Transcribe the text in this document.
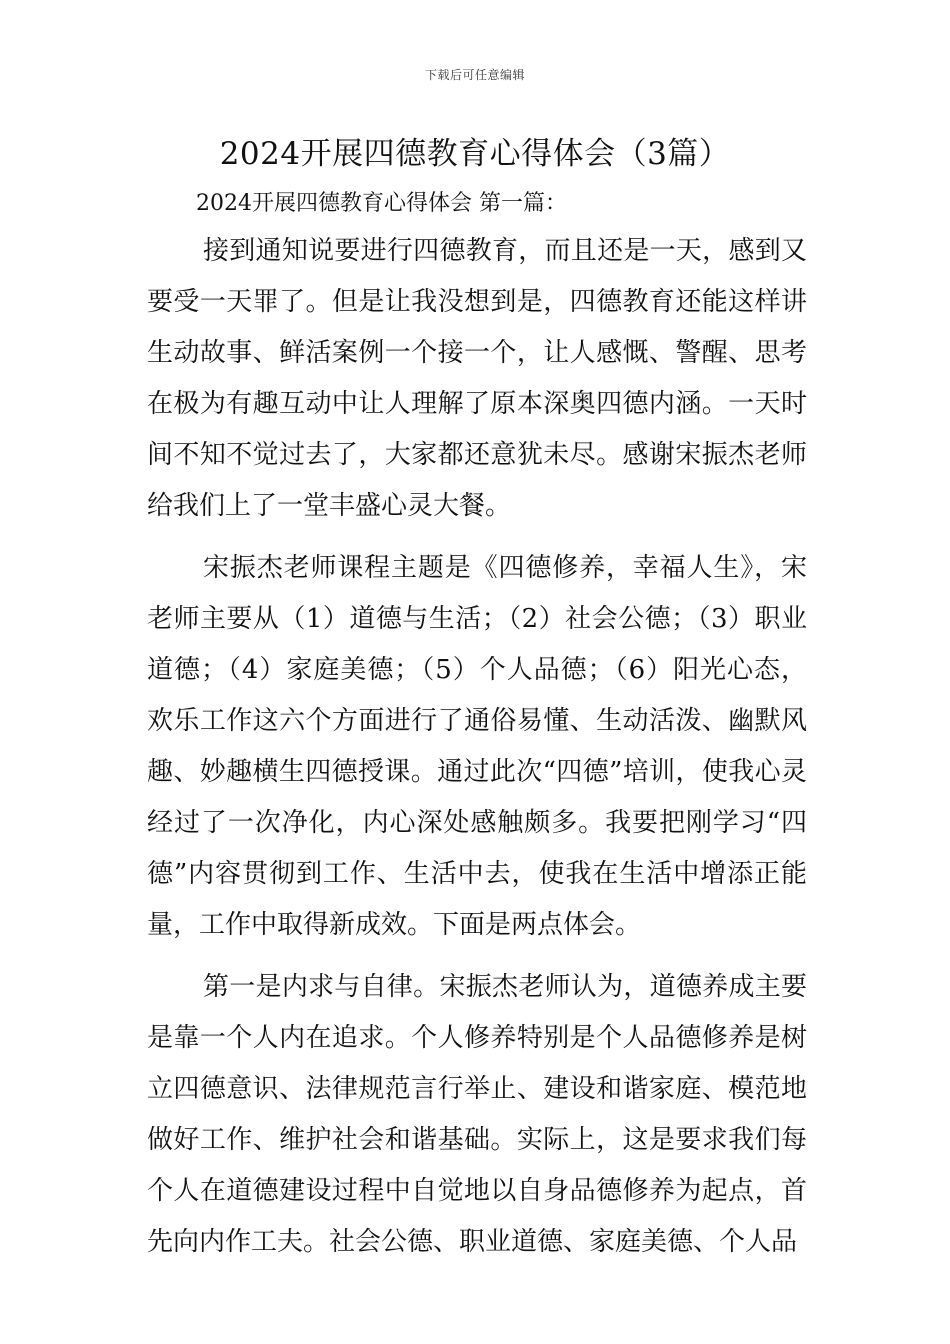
下载后可任意编辑
2024开展四德教育心得体会（3篇）
2024开展四德教育心得体会 第一篇：

接到通知说要进行四德教育，而且还是一天，感到又要受一天罪了。但是让我没想到是，四德教育还能这样讲生动故事、鲜活案例一个接一个，让人感慨、警醒、思考在极为有趣互动中让人理解了原本深奥四德内涵。一天时间不知不觉过去了，大家都还意犹未尽。感谢宋振杰老师给我们上了一堂丰盛心灵大餐。

宋振杰老师课程主题是《四德修养，幸福人生》，宋老师主要从（1）道德与生活；（2）社会公德；（3）职业道德；（4）家庭美德；（5）个人品德；（6）阳光心态，欢乐工作这六个方面进行了通俗易懂、生动活泼、幽默风趣、妙趣横生四德授课。通过此次“四德”培训，使我心灵经过了一次净化，内心深处感触颇多。我要把刚学习“四德”内容贯彻到工作、生活中去，使我在生活中增添正能量，工作中取得新成效。下面是两点体会。

第一是内求与自律。宋振杰老师认为，道德养成主要是靠一个人内在追求。个人修养特别是个人品德修养是树立四德意识、法律规范言行举止、建设和谐家庭、模范地做好工作、维护社会和谐基础。实际上，这是要求我们每个人在道德建设过程中自觉地以自身品德修养为起点，首先向内作工夫。社会公德、职业道德、家庭美德、个人品
